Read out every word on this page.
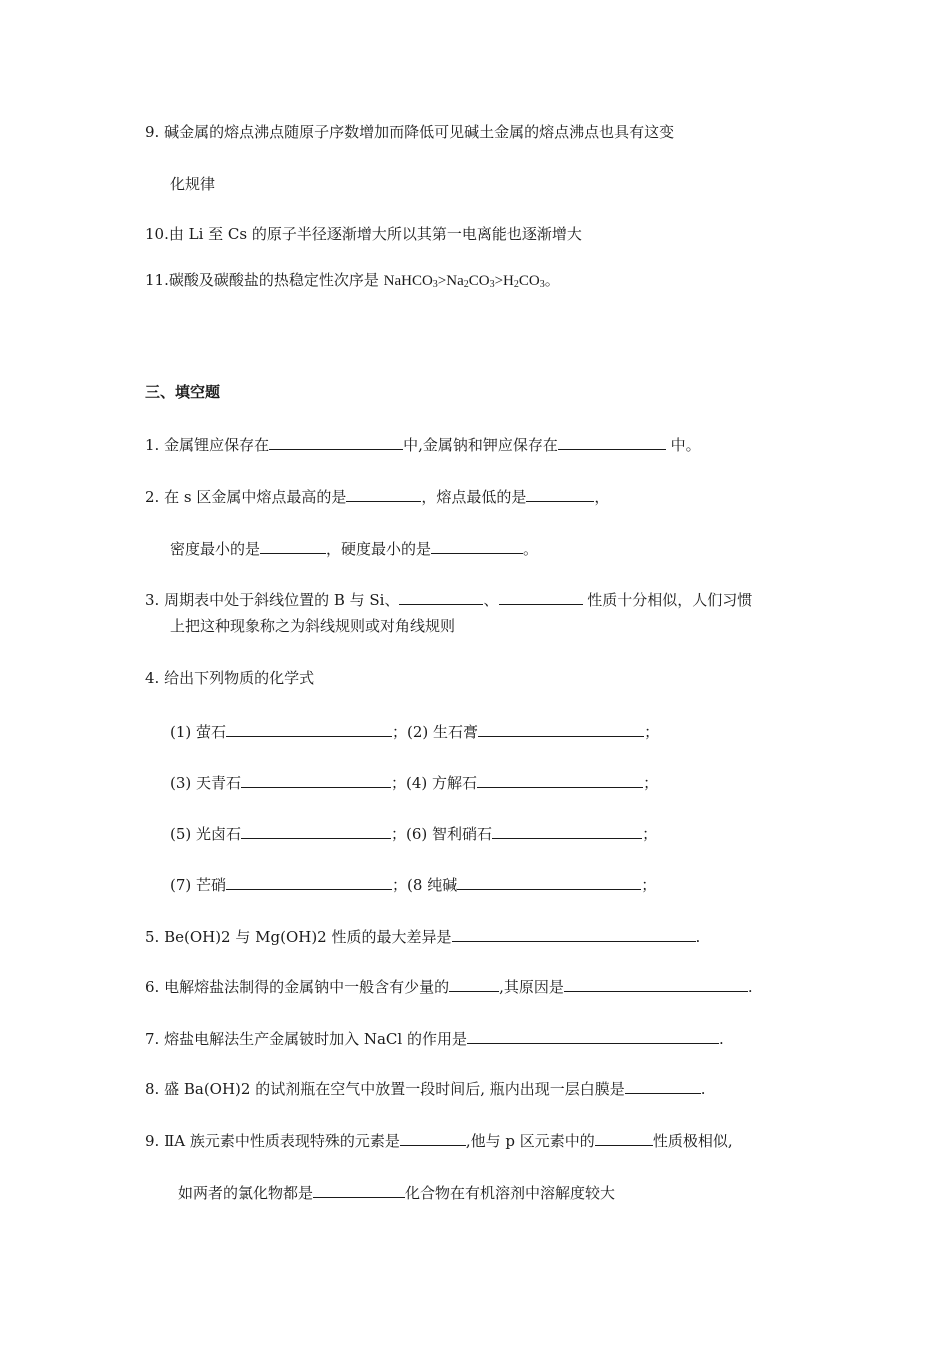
9. 碱金属的熔点沸点随原子序数增加而降低可见碱土金属的熔点沸点也具有这变
化规律
10.由 Li 至 Cs 的原子半径逐渐增大所以其第一电离能也逐渐增大
11.碳酸及碳酸盐的热稳定性次序是 $NaHCO_3>Na_2CO_3>H_2CO_3$。
三、填空题
1. 金属锂应保存在	中,金属钠和钾应保存在	中。
2. 在 s 区金属中熔点最高的是	，熔点最低的是	，
密度最小的是	，硬度最小的是	。
3. 周期表中处于斜线位置的 B 与 Si、	、	性质十分相似，人们习惯
上把这种现象称之为斜线规则或对角线规则
4. 给出下列物质的化学式
(1) 萤石	；(2) 生石膏	；
(3) 天青石	；(4) 方解石	；
(5) 光卤石	；(6) 智利硝石	；
(7) 芒硝	；(8 纯碱	；
5. Be(OH)2 与 Mg(OH)2 性质的最大差异是	.
6. 电解熔盐法制得的金属钠中一般含有少量的	,其原因是	.
7. 熔盐电解法生产金属铍时加入 NaCl 的作用是	.
8. 盛 Ba(OH)2 的试剂瓶在空气中放置一段时间后, 瓶内出现一层白膜是	.
9. ⅡA 族元素中性质表现特殊的元素是	,他与 p 区元素中的	性质极相似,
如两者的氯化物都是	化合物在有机溶剂中溶解度较大
